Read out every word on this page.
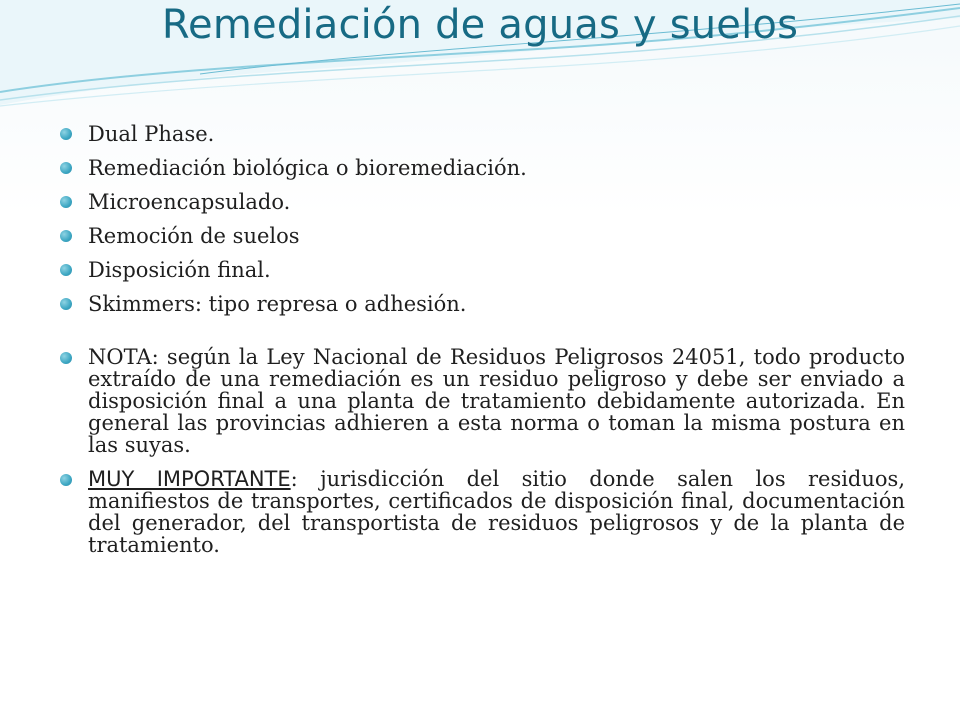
Remediación de aguas y suelos
Dual Phase.
Remediación biológica o bioremediación.
Microencapsulado.
Remoción de suelos
Disposición final.
Skimmers: tipo represa o adhesión.
NOTA: según la Ley Nacional de Residuos Peligrosos 24051, todo producto extraído de una remediación es un residuo peligroso y debe ser enviado a disposición final a una planta de tratamiento debidamente autorizada. En general las provincias adhieren a esta norma o toman la misma postura en las suyas.
MUY IMPORTANTE: jurisdicción del sitio donde salen los residuos, manifiestos de transportes, certificados de disposición final, documentación del generador, del transportista de residuos peligrosos y de la planta de tratamiento.
